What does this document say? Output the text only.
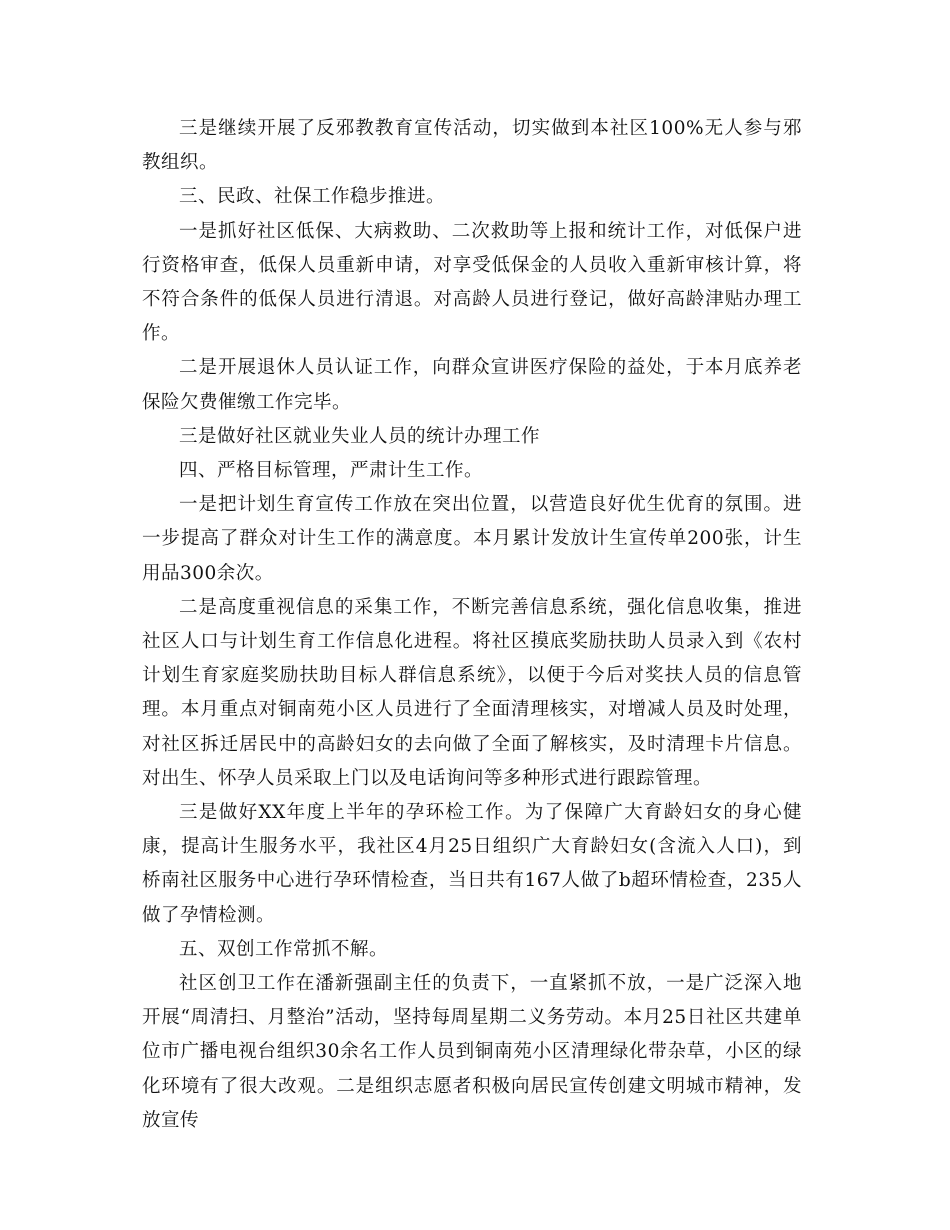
三是继续开展了反邪教教育宣传活动，切实做到本社区100%无人参与邪教组织。

三、民政、社保工作稳步推进。

一是抓好社区低保、大病救助、二次救助等上报和统计工作，对低保户进行资格审查，低保人员重新申请，对享受低保金的人员收入重新审核计算，将不符合条件的低保人员进行清退。对高龄人员进行登记，做好高龄津贴办理工作。

二是开展退休人员认证工作，向群众宣讲医疗保险的益处，于本月底养老保险欠费催缴工作完毕。

三是做好社区就业失业人员的统计办理工作

四、严格目标管理，严肃计生工作。

一是把计划生育宣传工作放在突出位置，以营造良好优生优育的氛围。进一步提高了群众对计生工作的满意度。本月累计发放计生宣传单200张，计生用品300余次。

二是高度重视信息的采集工作，不断完善信息系统，强化信息收集，推进社区人口与计划生育工作信息化进程。将社区摸底奖励扶助人员录入到《农村计划生育家庭奖励扶助目标人群信息系统》，以便于今后对奖扶人员的信息管理。本月重点对铜南苑小区人员进行了全面清理核实，对增减人员及时处理，对社区拆迁居民中的高龄妇女的去向做了全面了解核实，及时清理卡片信息。对出生、怀孕人员采取上门以及电话询问等多种形式进行跟踪管理。

三是做好XX年度上半年的孕环检工作。为了保障广大育龄妇女的身心健康，提高计生服务水平，我社区4月25日组织广大育龄妇女(含流入人口)，到桥南社区服务中心进行孕环情检查，当日共有167人做了b超环情检查，235人做了孕情检测。

五、双创工作常抓不解。

社区创卫工作在潘新强副主任的负责下，一直紧抓不放，一是广泛深入地开展“周清扫、月整治”活动，坚持每周星期二义务劳动。本月25日社区共建单位市广播电视台组织30余名工作人员到铜南苑小区清理绿化带杂草，小区的绿化环境有了很大改观。二是组织志愿者积极向居民宣传创建文明城市精神，发放宣传
